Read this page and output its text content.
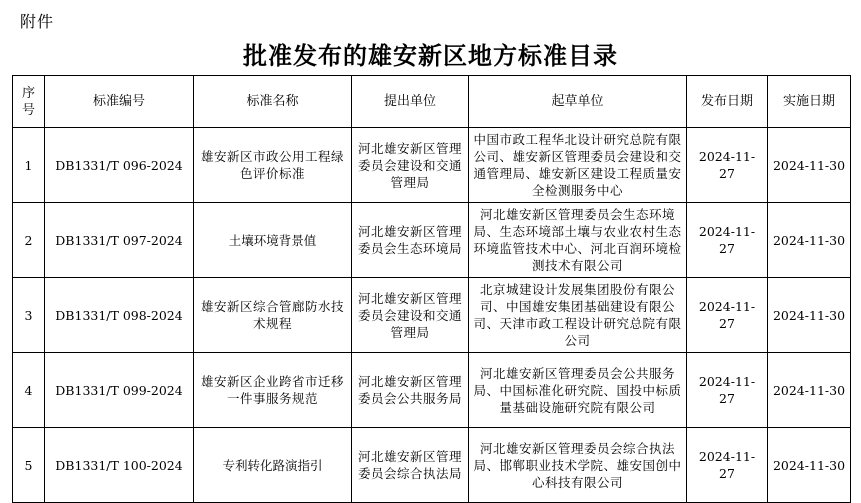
附件
批准发布的雄安新区地方标准目录
序号	标准编号	标准名称	提出单位	起草单位	发布日期	实施日期
1	DB1331/T 096-2024	雄安新区市政公用工程绿色评价标准	河北雄安新区管理委员会建设和交通管理局	中国市政工程华北设计研究总院有限公司、雄安新区管理委员会建设和交通管理局、雄安新区建设工程质量安全检测服务中心	2024-11-27	2024-11-30
2	DB1331/T 097-2024	土壤环境背景值	河北雄安新区管理委员会生态环境局	河北雄安新区管理委员会生态环境局、生态环境部土壤与农业农村生态环境监管技术中心、河北百润环境检测技术有限公司	2024-11-27	2024-11-30
3	DB1331/T 098-2024	雄安新区综合管廊防水技术规程	河北雄安新区管理委员会建设和交通管理局	北京城建设计发展集团股份有限公司、中国雄安集团基础建设有限公司、天津市政工程设计研究总院有限公司	2024-11-27	2024-11-30
4	DB1331/T 099-2024	雄安新区企业跨省市迁移一件事服务规范	河北雄安新区管理委员会公共服务局	河北雄安新区管理委员会公共服务局、中国标准化研究院、国投中标质量基础设施研究院有限公司	2024-11-27	2024-11-30
5	DB1331/T 100-2024	专利转化路演指引	河北雄安新区管理委员会综合执法局	河北雄安新区管理委员会综合执法局、邯郸职业技术学院、雄安国创中心科技有限公司	2024-11-27	2024-11-30
